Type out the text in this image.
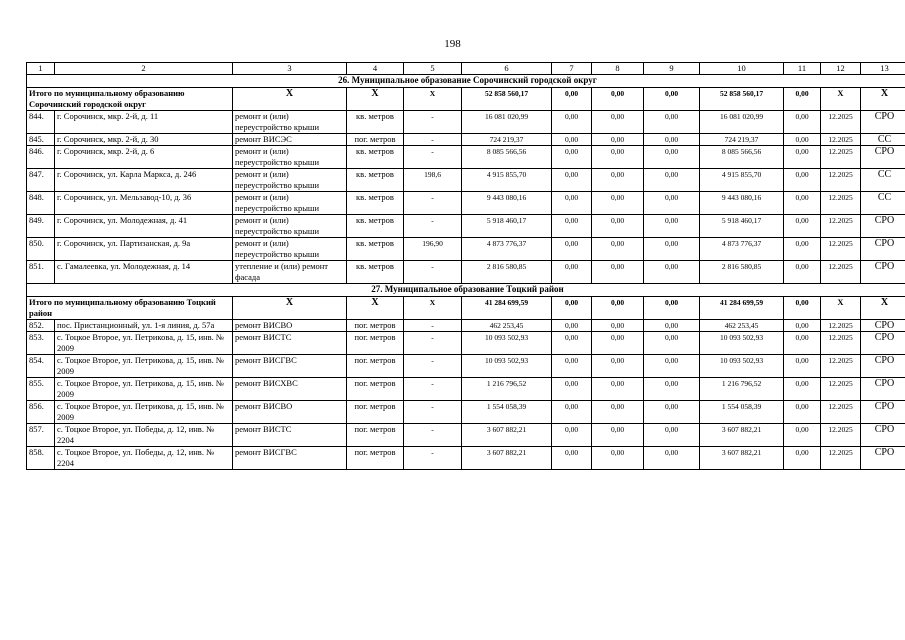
198
1	2	3	4	5	6	7	8	9	10	11	12	13
26. Муниципальное образование Сорочинский городской округ												
Итого по муниципальному образованию Сорочинский городской округ		X	X	X	52 858 560,17	0,00	0,00	0,00	52 858 560,17	0,00	X	X
844.	г. Сорочинск, мкр. 2-й, д. 11	ремонт и (или) переустройство крыши	кв. метров	-	16 081 020,99	0,00	0,00	0,00	16 081 020,99	0,00	12.2025	СРО
845.	г. Сорочинск, мкр. 2-й, д. 30	ремонт ВИСЭС	пог. метров	-	724 219,37	0,00	0,00	0,00	724 219,37	0,00	12.2025	СС
846.	г. Сорочинск, мкр. 2-й, д. 6	ремонт и (или) переустройство крыши	кв. метров	-	8 085 566,56	0,00	0,00	0,00	8 085 566,56	0,00	12.2025	СРО
847.	г. Сорочинск, ул. Карла Маркса, д. 246	ремонт и (или) переустройство крыши	кв. метров	198,6	4 915 855,70	0,00	0,00	0,00	4 915 855,70	0,00	12.2025	СС
848.	г. Сорочинск, ул. Мельзавод-10, д. 36	ремонт и (или) переустройство крыши	кв. метров	-	9 443 080,16	0,00	0,00	0,00	9 443 080,16	0,00	12.2025	СС
849.	г. Сорочинск, ул. Молодежная, д. 41	ремонт и (или) переустройство крыши	кв. метров	-	5 918 460,17	0,00	0,00	0,00	5 918 460,17	0,00	12.2025	СРО
850.	г. Сорочинск, ул. Партизанская, д. 9а	ремонт и (или) переустройство крыши	кв. метров	196,90	4 873 776,37	0,00	0,00	0,00	4 873 776,37	0,00	12.2025	СРО
851.	с. Гамалеевка, ул. Молодежная, д. 14	утепление и (или) ремонт фасада	кв. метров	-	2 816 580,85	0,00	0,00	0,00	2 816 580,85	0,00	12.2025	СРО
27. Муниципальное образование Тоцкий район												
Итого по муниципальному образованию Тоцкий район		X	X	X	41 284 699,59	0,00	0,00	0,00	41 284 699,59	0,00	X	X
852.	пос. Пристанционный, ул. 1-я линия, д. 57а	ремонт ВИСВО	пог. метров	-	462 253,45	0,00	0,00	0,00	462 253,45	0,00	12.2025	СРО
853.	с. Тоцкое Второе, ул. Петрикова, д. 15, инв. № 2009	ремонт ВИСТС	пог. метров	-	10 093 502,93	0,00	0,00	0,00	10 093 502,93	0,00	12.2025	СРО
854.	с. Тоцкое Второе, ул. Петрикова, д. 15, инв. № 2009	ремонт ВИСГВС	пог. метров	-	10 093 502,93	0,00	0,00	0,00	10 093 502,93	0,00	12.2025	СРО
855.	с. Тоцкое Второе, ул. Петрикова, д. 15, инв. № 2009	ремонт ВИСХВС	пог. метров	-	1 216 796,52	0,00	0,00	0,00	1 216 796,52	0,00	12.2025	СРО
856.	с. Тоцкое Второе, ул. Петрикова, д. 15, инв. № 2009	ремонт ВИСВО	пог. метров	-	1 554 058,39	0,00	0,00	0,00	1 554 058,39	0,00	12.2025	СРО
857.	с. Тоцкое Второе, ул. Победы, д. 12, инв. № 2204	ремонт ВИСТС	пог. метров	-	3 607 882,21	0,00	0,00	0,00	3 607 882,21	0,00	12.2025	СРО
858.	с. Тоцкое Второе, ул. Победы, д. 12, инв. № 2204	ремонт ВИСГВС	пог. метров	-	3 607 882,21	0,00	0,00	0,00	3 607 882,21	0,00	12.2025	СРО
